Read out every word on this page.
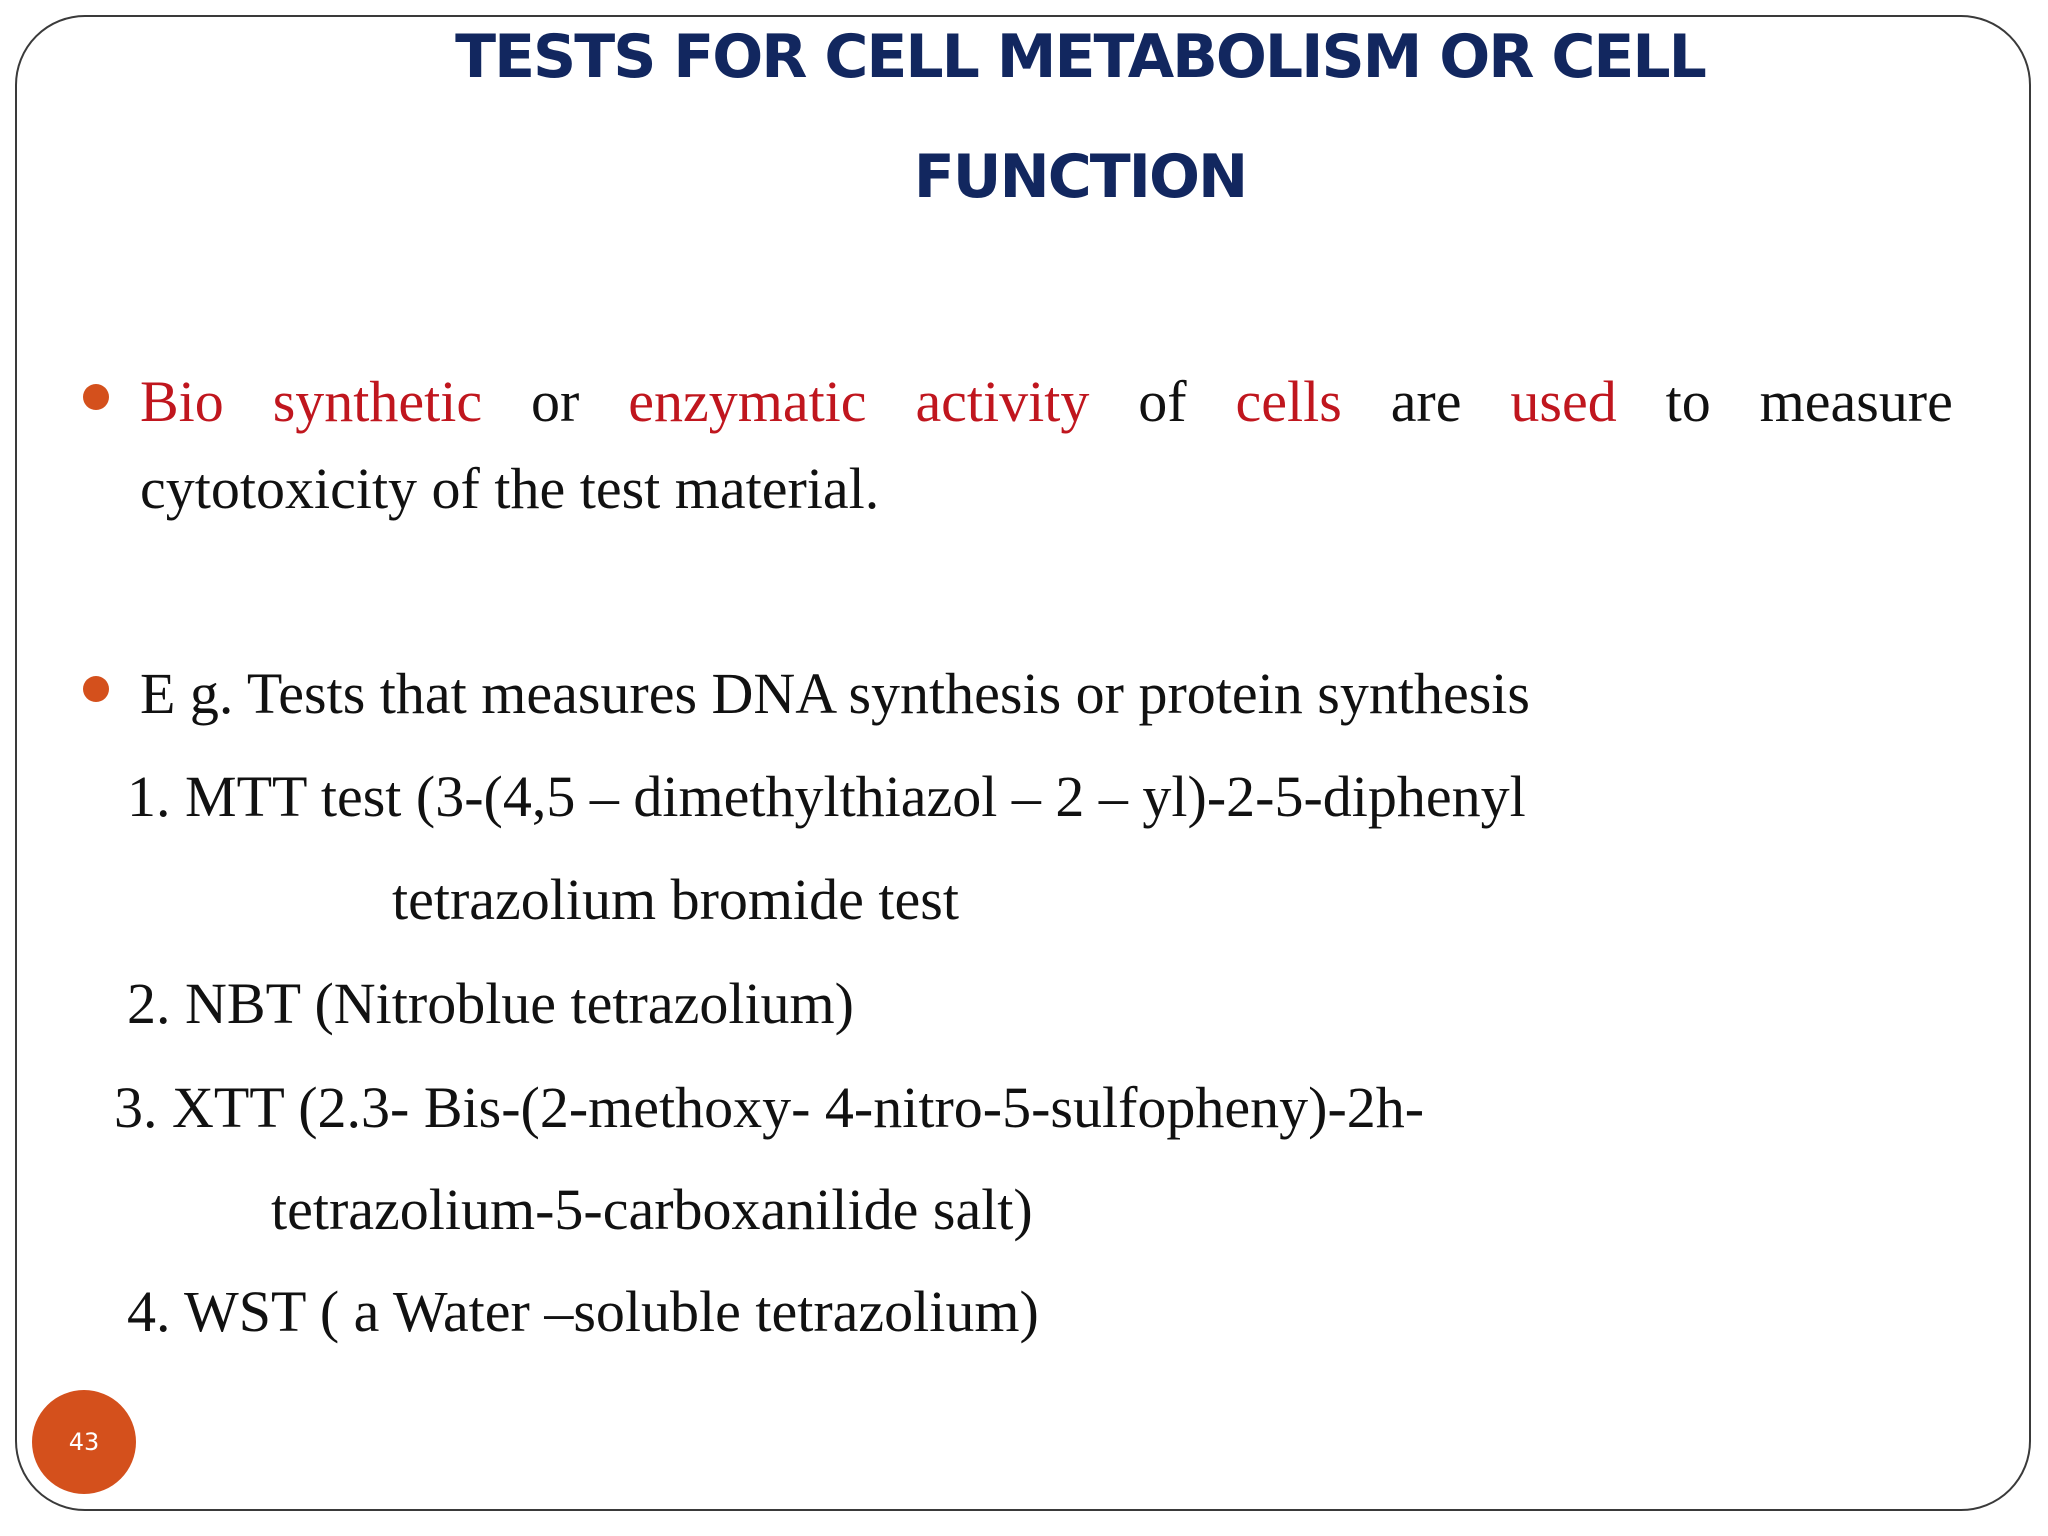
TESTS FOR CELL METABOLISM OR CELL
FUNCTION
Bio synthetic or enzymatic activity of cells are used to measure
cytotoxicity of the test material.
E g. Tests that measures DNA synthesis or protein synthesis
1. MTT test (3-(4,5 – dimethylthiazol – 2 – yl)-2-5-diphenyl
tetrazolium bromide test
2. NBT (Nitroblue tetrazolium)
3. XTT (2.3- Bis-(2-methoxy- 4-nitro-5-sulfopheny)-2h-
tetrazolium-5-carboxanilide salt)
4. WST ( a Water –soluble tetrazolium)
43
